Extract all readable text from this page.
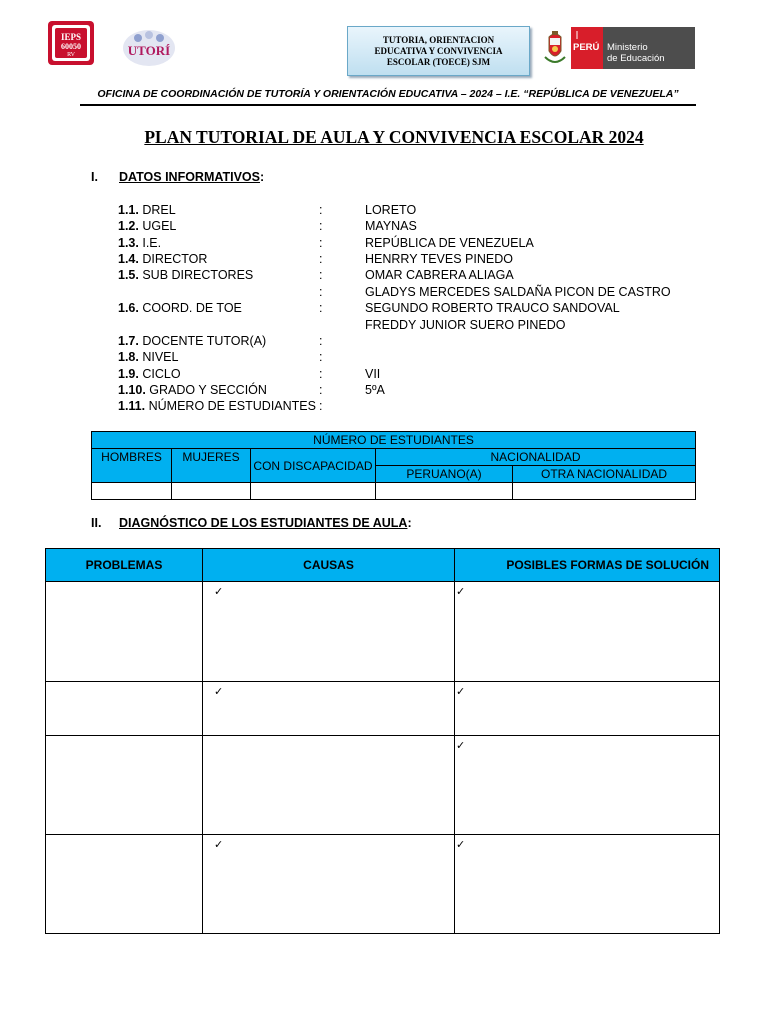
IEPS
60050
RV	UTORÍ
TUTORIA, ORIENTACION EDUCATIVA Y CONVIVENCIA ESCOLAR (TOECE) SJM
PERÚ Ministerio
de Educación
OFICINA DE COORDINACIÓN DE TUTORÍA Y ORIENTACIÓN EDUCATIVA – 2024 – I.E. “REPÚBLICA DE VENEZUELA”
PLAN TUTORIAL DE AULA Y CONVIVENCIA ESCOLAR 2024
I. DATOS INFORMATIVOS:
1.1. DREL	:	LORETO
1.2. UGEL	:	MAYNAS
1.3. I.E.	:	REPÚBLICA DE VENEZUELA
1.4. DIRECTOR	:	HENRRY TEVES PINEDO
1.5. SUB DIRECTORES	:	OMAR CABRERA ALIAGA
:	GLADYS MERCEDES SALDAÑA PICON DE CASTRO
1.6. COORD. DE TOE	:	SEGUNDO ROBERTO TRAUCO SANDOVAL
FREDDY JUNIOR SUERO PINEDO
1.7. DOCENTE TUTOR(A)	:
1.8. NIVEL	:
1.9. CICLO	:	VII
1.10. GRADO Y SECCIÓN	:	5ºA
1.11. NÚMERO DE ESTUDIANTES :
NÚMERO DE ESTUDIANTES				
HOMBRES	MUJERES	CON DISCAPACIDAD	NACIONALIDAD	
			PERUANO(A)	OTRA NACIONALIDAD

II. DIAGNÓSTICO DE LOS ESTUDIANTES DE AULA:
PROBLEMAS	CAUSAS	POSIBLES FORMAS DE SOLUCIÓN
	✓	✓
	✓	✓
		✓
	✓	✓
